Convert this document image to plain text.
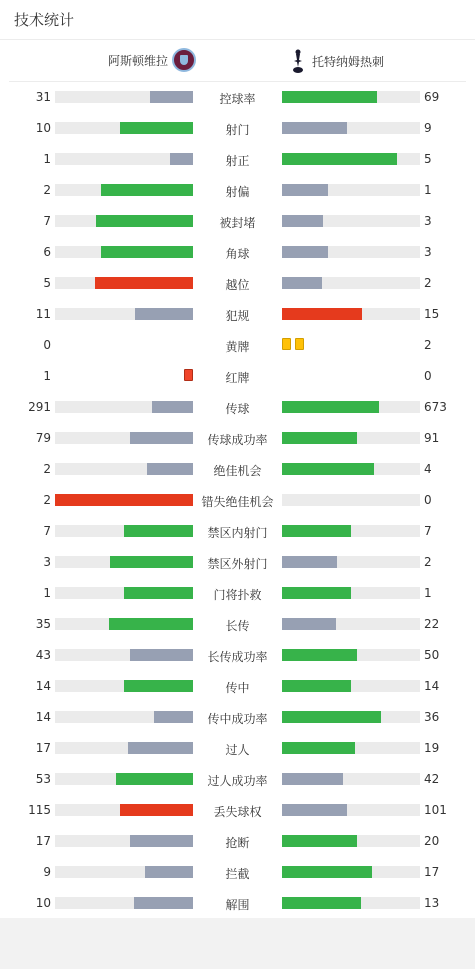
技术统计
阿斯顿维拉	托特纳姆热刺
31	控球率	69
10	射门	9
1	射正	5
2	射偏	1
7	被封堵	3
6	角球	3
5	越位	2
11	犯规	15
0	黄牌	2
1	红牌	0
291	传球	673
79	传球成功率	91
2	绝佳机会	4
2	错失绝佳机会	0
7	禁区内射门	7
3	禁区外射门	2
1	门将扑救	1
35	长传	22
43	长传成功率	50
14	传中	14
14	传中成功率	36
17	过人	19
53	过人成功率	42
115	丢失球权	101
17	抢断	20
9	拦截	17
10	解围	13
